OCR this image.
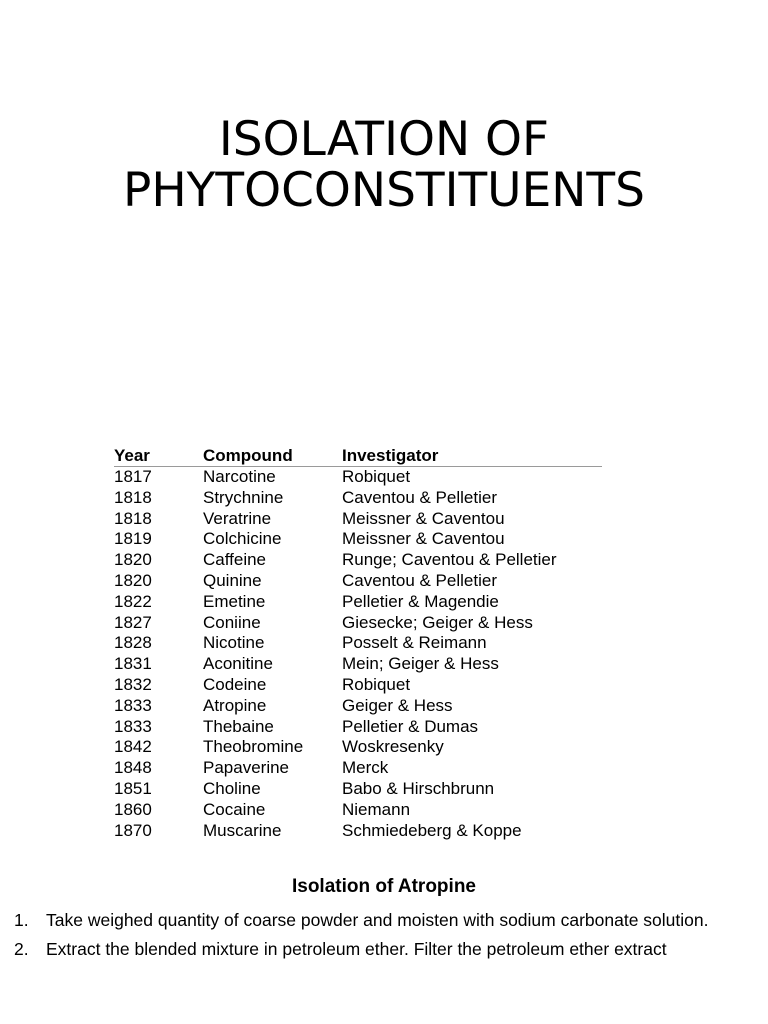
ISOLATION OF
PHYTOCONSTITUENTS
Year	Compound	Investigator
1817	Narcotine	Robiquet
1818	Strychnine	Caventou & Pelletier
1818	Veratrine	Meissner & Caventou
1819	Colchicine	Meissner & Caventou
1820	Caffeine	Runge; Caventou & Pelletier
1820	Quinine	Caventou & Pelletier
1822	Emetine	Pelletier & Magendie
1827	Coniine	Giesecke; Geiger & Hess
1828	Nicotine	Posselt & Reimann
1831	Aconitine	Mein; Geiger & Hess
1832	Codeine	Robiquet
1833	Atropine	Geiger & Hess
1833	Thebaine	Pelletier & Dumas
1842	Theobromine	Woskresenky
1848	Papaverine	Merck
1851	Choline	Babo & Hirschbrunn
1860	Cocaine	Niemann
1870	Muscarine	Schmiedeberg & Koppe
Isolation of Atropine
1. Take weighed quantity of coarse powder and moisten with sodium carbonate solution.
2. Extract the blended mixture in petroleum ether. Filter the petroleum ether extract
